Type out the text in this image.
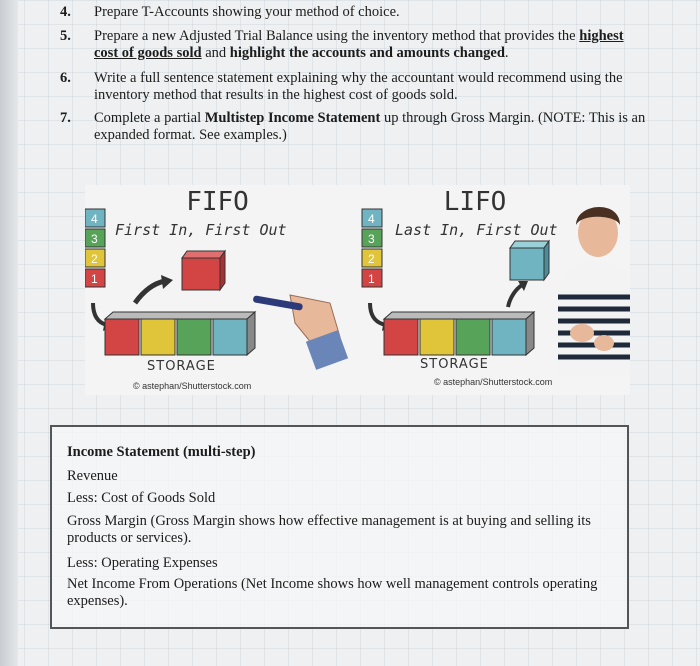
4. Prepare T-Accounts showing your method of choice.
5. Prepare a new Adjusted Trial Balance using the inventory method that provides the highest cost of goods sold and highlight the accounts and amounts changed.
6. Write a full sentence statement explaining why the accountant would recommend using the inventory method that results in the highest cost of goods sold.
7. Complete a partial Multistep Income Statement up through Gross Margin. (NOTE: This is an expanded format. See examples.)
FIFO
First In, First Out
4
3
2
1
STORAGE
© astephan/Shutterstock.com
LIFO
Last In, First Out
4
3
2
1
STORAGE
© astephan/Shutterstock.com
Income Statement (multi-step)
Revenue
Less: Cost of Goods Sold
Gross Margin (Gross Margin shows how effective management is at buying and selling its products or services).
Less: Operating Expenses
Net Income From Operations (Net Income shows how well management controls operating expenses).
